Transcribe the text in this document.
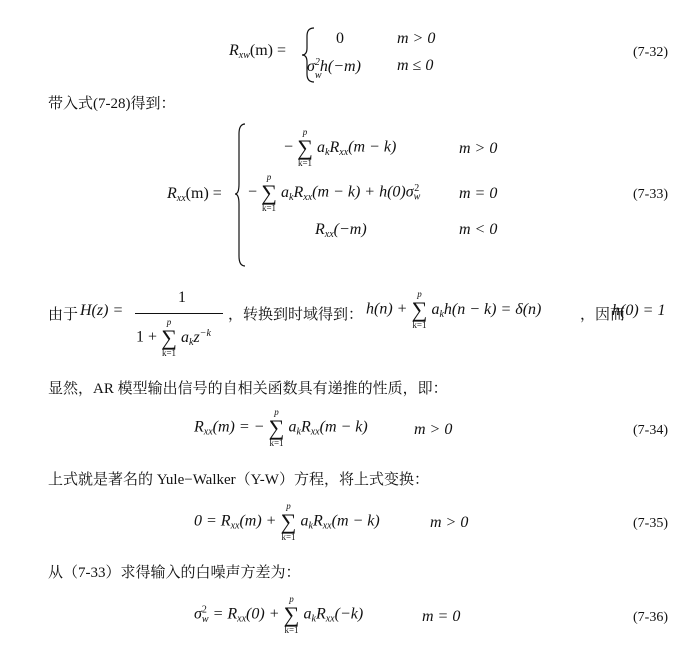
$R_{xw}(m)$ =
0	m > 0
$\sigma^2$
w
h(−m) m ≤ 0
(7-32)
带入式(7-28)得到：
$R_{xx}(m)$ =
−
p
∑
k=1
$a_kR_{xx}(m - k)$	m > 0
−
p
∑
k=1
$a_kR_{xx}(m - k) + h(0)\sigma_w^2$ m = 0
$R_{xx}(-m)$	m < 0
(7-33)
由于 H(z) =
1
1 +
p
∑
k=1
$a_kz^{-k}$
，转换到时域得到： h(n) +
p
∑
k=1
$a_kh(n - k) = \delta(n)$	，因而
h(0) = 1
显然，AR 模型输出信号的自相关函数具有递推的性质，即：
$R_{xx}(m)$ = −
p
∑
k=1
$a_kR_{xx}(m - k)$	m > 0	(7-34)
上式就是著名的 Yule−Walker（Y-W）方程，将上式变换：
$0 = R_{xx}(m)$ +
p
∑
k=1
$a_kR_{xx}(m - k)$	m > 0	(7-35)
从（7-33）求得输入的白噪声方差为：
$\sigma^2_w = R_{xx}(0)$ +
p
∑
k=1
$a_kR_{xx}(-k)$	m = 0	(7-36)
